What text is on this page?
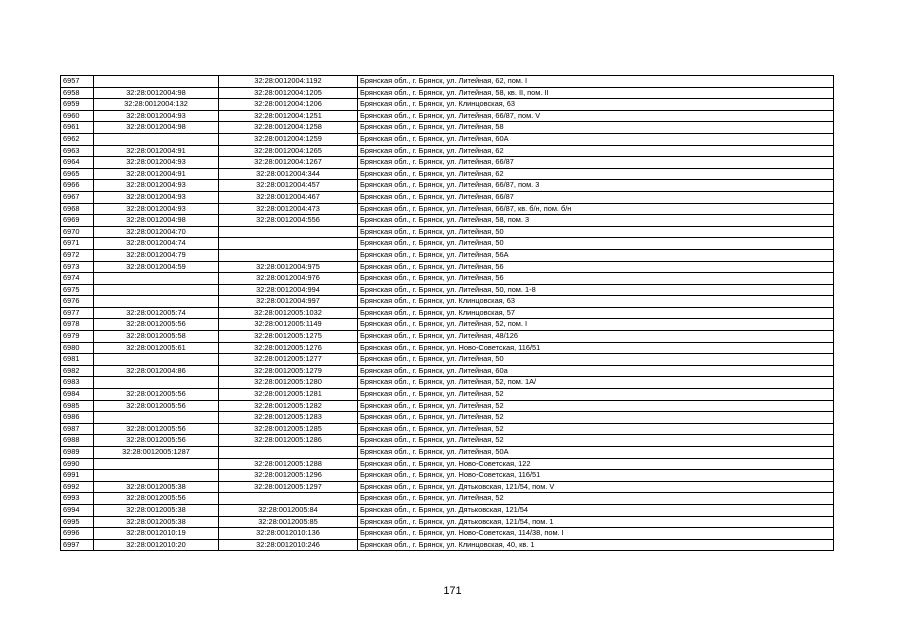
6957		32:28:0012004:1192	Брянская обл., г. Брянск, ул. Литейная, 62, пом. I
6958	32:28:0012004:98	32:28:0012004:1205	Брянская обл., г. Брянск, ул. Литейная, 58, кв. II, пом. II
6959	32:28:0012004:132	32:28:0012004:1206	Брянская обл., г. Брянск, ул. Клинцовская, 63
6960	32:28:0012004:93	32:28:0012004:1251	Брянская обл., г. Брянск, ул. Литейная, 66/87, пом. V
6961	32:28:0012004:98	32:28:0012004:1258	Брянская обл., г. Брянск, ул. Литейная, 58
6962		32:28:0012004:1259	Брянская обл., г. Брянск, ул. Литейная, 60А
6963	32:28:0012004:91	32:28:0012004:1265	Брянская обл., г. Брянск, ул. Литейная, 62
6964	32:28:0012004:93	32:28:0012004:1267	Брянская обл., г. Брянск, ул. Литейная, 66/87
6965	32:28:0012004:91	32:28:0012004:344	Брянская обл., г. Брянск, ул. Литейная, 62
6966	32:28:0012004:93	32:28:0012004:457	Брянская обл., г. Брянск, ул. Литейная, 66/87, пом. 3
6967	32:28:0012004:93	32:28:0012004:467	Брянская обл., г. Брянск, ул. Литейная, 66/87
6968	32:28:0012004:93	32:28:0012004:473	Брянская обл., г. Брянск, ул. Литейная, 66/87, кв. б/н, пом. б/н
6969	32:28:0012004:98	32:28:0012004:556	Брянская обл., г. Брянск, ул. Литейная, 58, пом. 3
6970	32:28:0012004:70		Брянская обл., г. Брянск, ул. Литейная, 50
6971	32:28:0012004:74		Брянская обл., г. Брянск, ул. Литейная, 50
6972	32:28:0012004:79		Брянская обл., г. Брянск, ул. Литейная, 56А
6973	32:28:0012004:59	32:28:0012004:975	Брянская обл., г. Брянск, ул. Литейная, 56
6974		32:28:0012004:976	Брянская обл., г. Брянск, ул. Литейная, 56
6975		32:28:0012004:994	Брянская обл., г. Брянск, ул. Литейная, 50, пом. 1-8
6976		32:28:0012004:997	Брянская обл., г. Брянск, ул. Клинцовская, 63
6977	32:28:0012005:74	32:28:0012005:1032	Брянская обл., г. Брянск, ул. Клинцовская, 57
6978	32:28:0012005:56	32:28:0012005:1149	Брянская обл., г. Брянск, ул. Литейная, 52, пом. I
6979	32:28:0012005:58	32:28:0012005:1275	Брянская обл., г. Брянск, ул. Литейная, 48/126
6980	32:28:0012005:61	32:28:0012005:1276	Брянская обл., г. Брянск, ул. Ново-Советская, 116/51
6981		32:28:0012005:1277	Брянская обл., г. Брянск, ул. Литейная, 50
6982	32:28:0012004:86	32:28:0012005:1279	Брянская обл., г. Брянск, ул. Литейная, 60а
6983		32:28:0012005:1280	Брянская обл., г. Брянск, ул. Литейная, 52, пом. 1А/
6984	32:28:0012005:56	32:28:0012005:1281	Брянская обл., г. Брянск, ул. Литейная, 52
6985	32:28:0012005:56	32:28:0012005:1282	Брянская обл., г. Брянск, ул. Литейная, 52
6986		32:28:0012005:1283	Брянская обл., г. Брянск, ул. Литейная, 52
6987	32:28:0012005:56	32:28:0012005:1285	Брянская обл., г. Брянск, ул. Литейная, 52
6988	32:28:0012005:56	32:28:0012005:1286	Брянская обл., г. Брянск, ул. Литейная, 52
6989	32:28:0012005:1287		Брянская обл., г. Брянск, ул. Литейная, 50А
6990		32:28:0012005:1288	Брянская обл., г. Брянск, ул. Ново-Советская, 122
6991		32:28:0012005:1296	Брянская обл., г. Брянск, ул. Ново-Советская, 116/51
6992	32:28:0012005:38	32:28:0012005:1297	Брянская обл., г. Брянск, ул. Дятьковская, 121/54, пом. V
6993	32:28:0012005:56		Брянская обл., г. Брянск, ул. Литейная, 52
6994	32:28:0012005:38	32:28:0012005:84	Брянская обл., г. Брянск, ул. Дятьковская, 121/54
6995	32:28:0012005:38	32:28:0012005:85	Брянская обл., г. Брянск, ул. Дятьковская, 121/54, пом. 1
6996	32:28:0012010:19	32:28:0012010:136	Брянская обл., г. Брянск, ул. Ново-Советская, 114/38, пом. I
6997	32:28:0012010:20	32:28:0012010:246	Брянская обл., г. Брянск, ул. Клинцовская, 40, кв. 1
171
